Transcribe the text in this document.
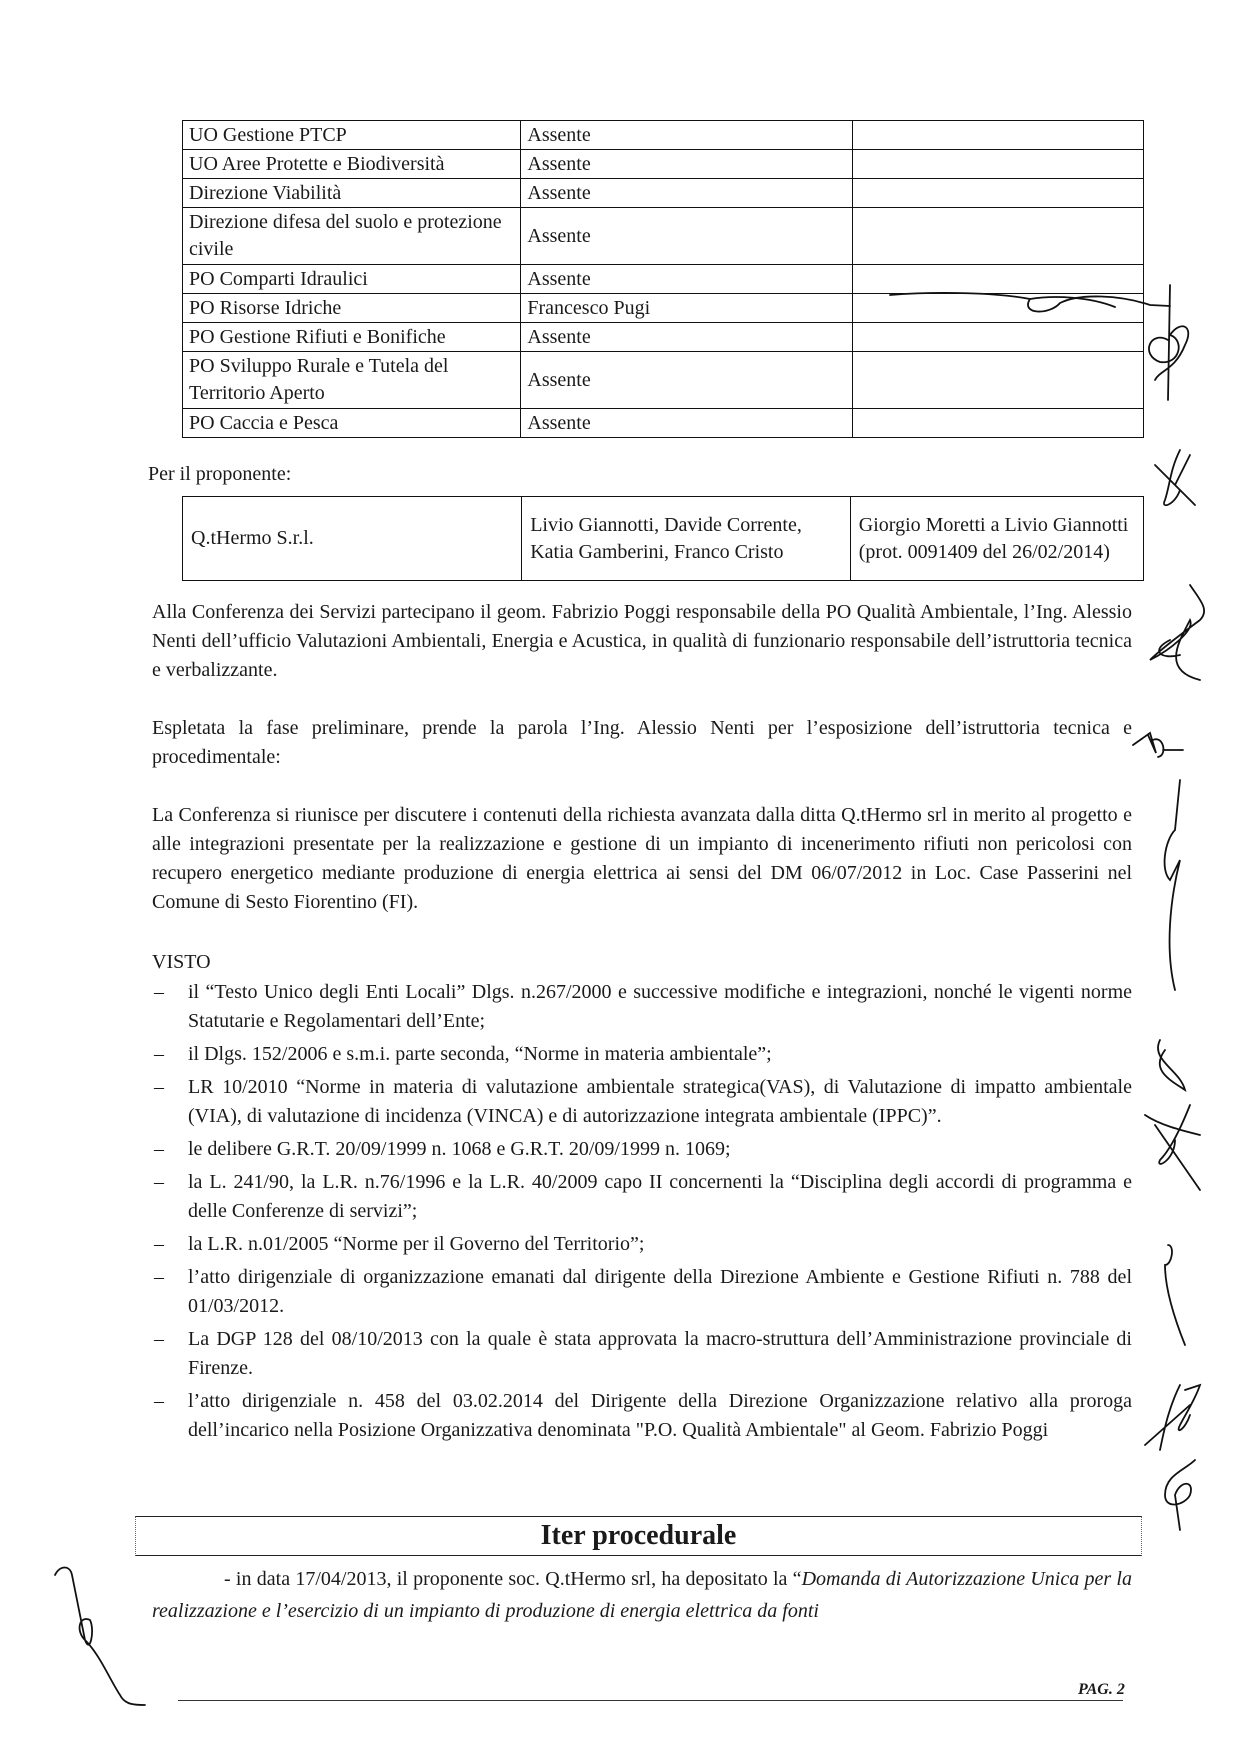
UO Gestione PTCP	Assente	
UO Aree Protette e Biodiversità	Assente	
Direzione Viabilità	Assente	
Direzione difesa del suolo e protezione civile	Assente	
PO Comparti Idraulici	Assente	
PO Risorse Idriche	Francesco Pugi	
PO Gestione Rifiuti e Bonifiche	Assente	
PO Sviluppo Rurale e Tutela del Territorio Aperto	Assente	
PO Caccia e Pesca	Assente	
Per il proponente:
Q.tHermo S.r.l.	Livio Giannotti, Davide Corrente, Katia Gamberini, Franco Cristo	Giorgio Moretti a Livio Giannotti (prot. 0091409 del 26/02/2014)

Alla Conferenza dei Servizi partecipano il geom. Fabrizio Poggi responsabile della PO Qualità Ambientale, l’Ing. Alessio Nenti dell’ufficio Valutazioni Ambientali, Energia e Acustica, in qualità di funzionario responsabile dell’istruttoria tecnica e verbalizzante.

Espletata la fase preliminare, prende la parola l’Ing. Alessio Nenti per l’esposizione dell’istruttoria tecnica e procedimentale:

La Conferenza si riunisce per discutere i contenuti della richiesta avanzata dalla ditta Q.tHermo srl in merito al progetto e alle integrazioni presentate per la realizzazione e gestione di un impianto di incenerimento rifiuti non pericolosi con recupero energetico mediante produzione di energia elettrica ai sensi del DM 06/07/2012 in Loc. Case Passerini nel Comune di Sesto Fiorentino (FI).

VISTO
– il “Testo Unico degli Enti Locali” Dlgs. n.267/2000 e successive modifiche e integrazioni, nonché le vigenti norme Statutarie e Regolamentari dell’Ente;
– il Dlgs. 152/2006 e s.m.i. parte seconda, “Norme in materia ambientale”;
– LR 10/2010 “Norme in materia di valutazione ambientale strategica(VAS), di Valutazione di impatto ambientale (VIA), di valutazione di incidenza (VINCA) e di autorizzazione integrata ambientale (IPPC)”.
– le delibere G.R.T. 20/09/1999 n. 1068 e G.R.T. 20/09/1999 n. 1069;
– la L. 241/90, la L.R. n.76/1996 e la L.R. 40/2009 capo II concernenti la “Disciplina degli accordi di programma e delle Conferenze di servizi”;
– la L.R. n.01/2005 “Norme per il Governo del Territorio”;
– l’atto dirigenziale di organizzazione emanati dal dirigente della Direzione Ambiente e Gestione Rifiuti n. 788 del 01/03/2012.
– La DGP 128 del 08/10/2013 con la quale è stata approvata la macro-struttura dell’Amministrazione provinciale di Firenze.
– l’atto dirigenziale n. 458 del 03.02.2014 del Dirigente della Direzione Organizzazione relativo alla proroga dell’incarico nella Posizione Organizzativa denominata "P.O. Qualità Ambientale" al Geom. Fabrizio Poggi
Iter procedurale
- in data 17/04/2013, il proponente soc. Q.tHermo srl, ha depositato la “Domanda di Autorizzazione Unica per la realizzazione e l’esercizio di un impianto di produzione di energia elettrica da fonti
PAG. 2
